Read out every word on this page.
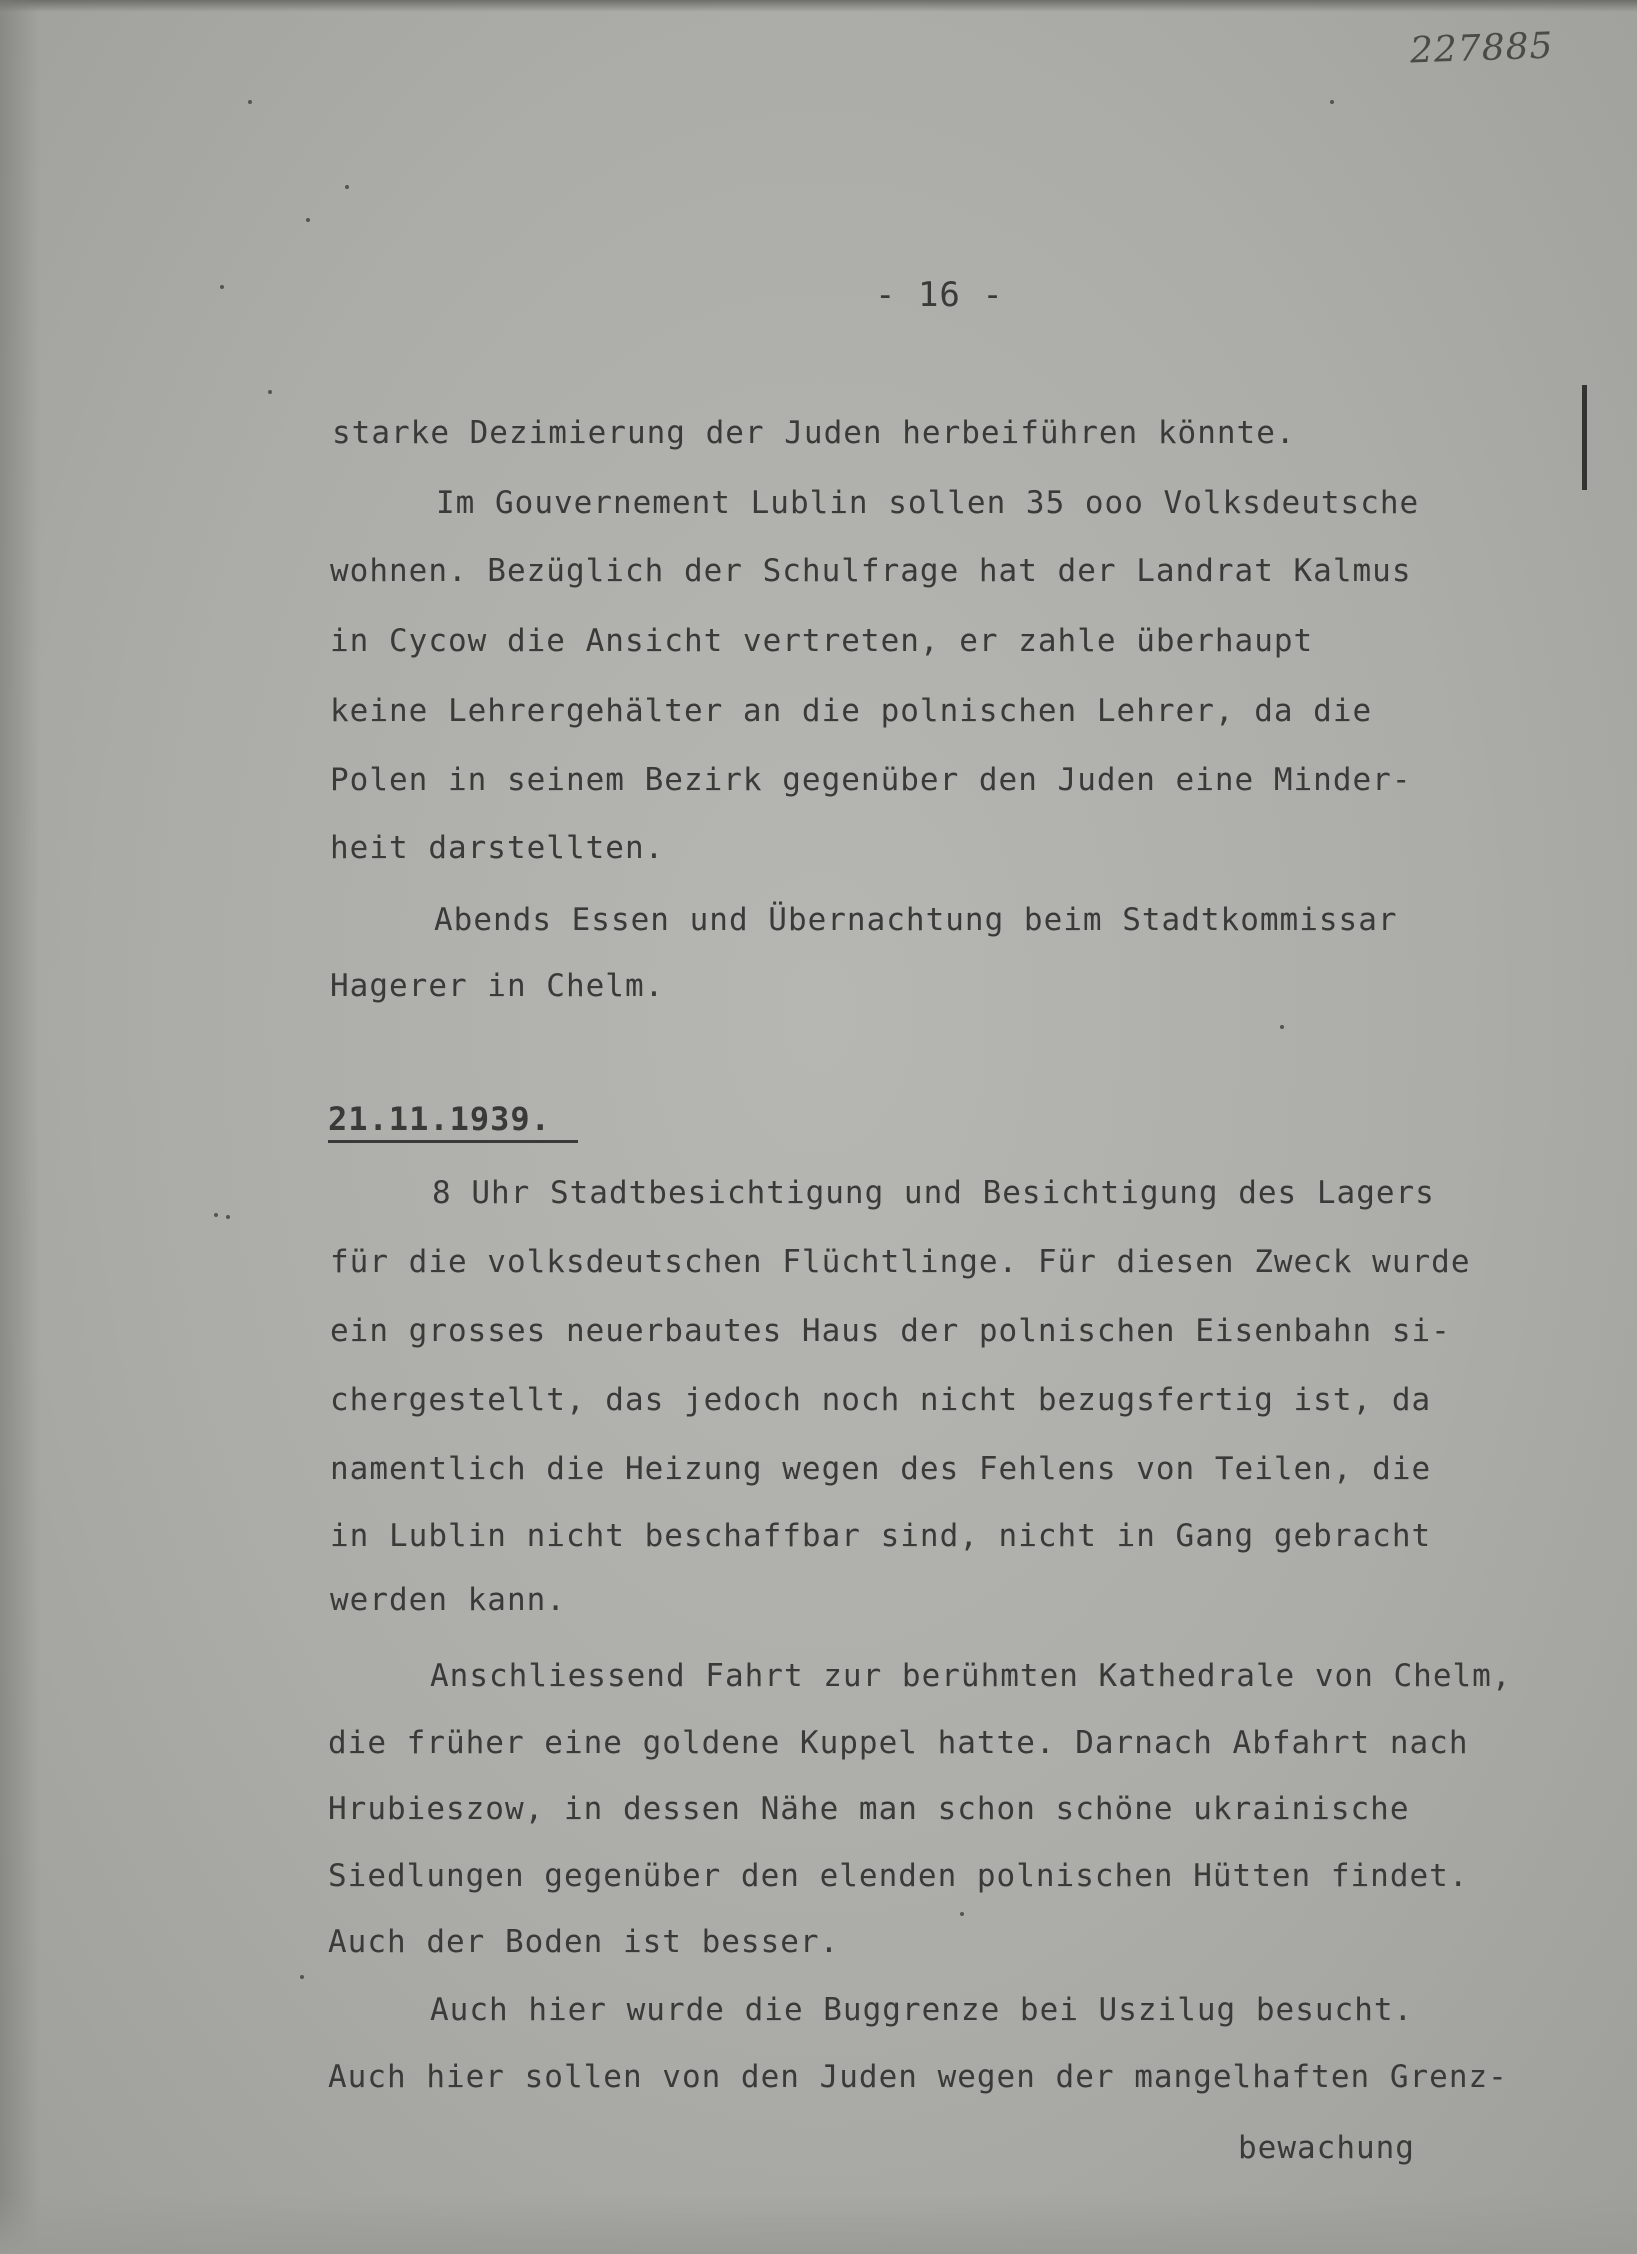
227885
- 16 -
starke Dezimierung der Juden herbeiführen könnte.
Im Gouvernement Lublin sollen 35 ooo Volksdeutsche
wohnen. Bezüglich der Schulfrage hat der Landrat Kalmus
in Cycow die Ansicht vertreten, er zahle überhaupt
keine Lehrergehälter an die polnischen Lehrer, da die
Polen in seinem Bezirk gegenüber den Juden eine Minder-
heit darstellten.
Abends Essen und Übernachtung beim Stadtkommissar
Hagerer in Chelm.
21.11.1939.
8 Uhr Stadtbesichtigung und Besichtigung des Lagers
für die volksdeutschen Flüchtlinge. Für diesen Zweck wurde
ein grosses neuerbautes Haus der polnischen Eisenbahn si-
chergestellt, das jedoch noch nicht bezugsfertig ist, da
namentlich die Heizung wegen des Fehlens von Teilen, die
in Lublin nicht beschaffbar sind, nicht in Gang gebracht
werden kann.
Anschliessend Fahrt zur berühmten Kathedrale von Chelm,
die früher eine goldene Kuppel hatte. Darnach Abfahrt nach
Hrubieszow, in dessen Nähe man schon schöne ukrainische
Siedlungen gegenüber den elenden polnischen Hütten findet.
Auch der Boden ist besser.
Auch hier wurde die Buggrenze bei Uszilug besucht.
Auch hier sollen von den Juden wegen der mangelhaften Grenz-
bewachung
